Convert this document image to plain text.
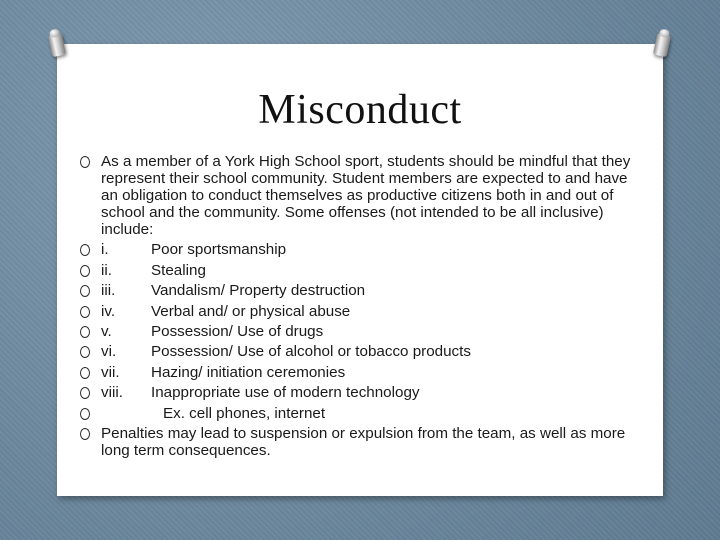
Misconduct
As a member of a York High School sport, students should be mindful that they represent their school community. Student members are expected to and have an obligation to conduct themselves as productive citizens both in and out of school and the community. Some offenses (not intended to be all inclusive) include:
i.	Poor sportsmanship
ii.	Stealing
iii. Vandalism/ Property destruction
iv. Verbal and/ or physical abuse
v.	Possession/ Use of drugs
vi. Possession/ Use of alcohol or tobacco products
vii. Hazing/ initiation ceremonies
viii. Inappropriate use of modern technology
Ex. cell phones, internet
Penalties may lead to suspension or expulsion from the team, as well as more long term consequences.
